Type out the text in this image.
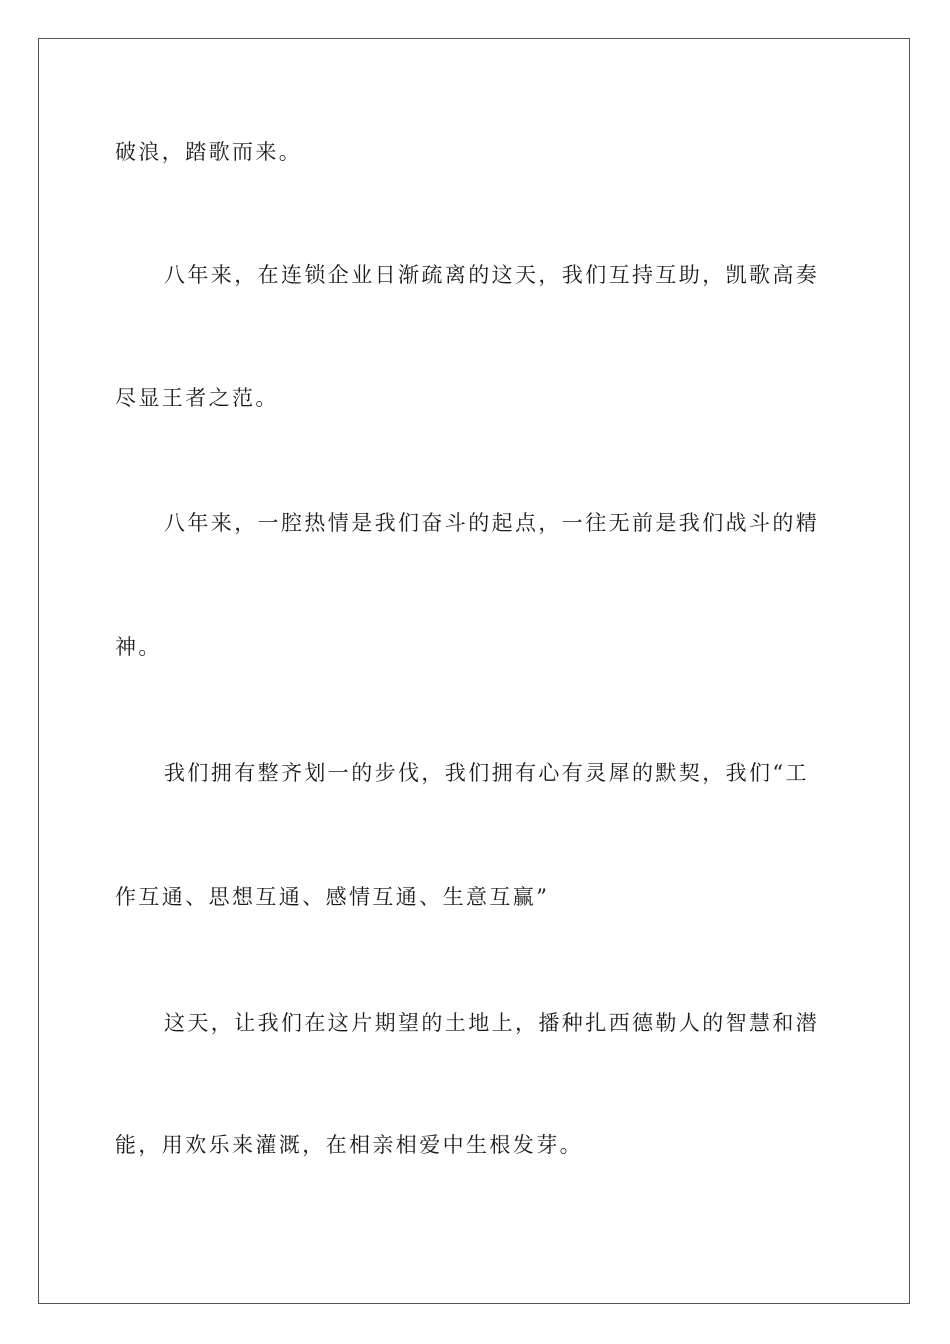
破浪，踏歌而来。
八年来，在连锁企业日渐疏离的这天，我们互持互助，凯歌高奏
尽显王者之范。
八年来，一腔热情是我们奋斗的起点，一往无前是我们战斗的精
神。
我们拥有整齐划一的步伐，我们拥有心有灵犀的默契，我们“工
作互通、思想互通、感情互通、生意互赢”
这天，让我们在这片期望的土地上，播种扎西德勒人的智慧和潜
能，用欢乐来灌溉，在相亲相爱中生根发芽。
